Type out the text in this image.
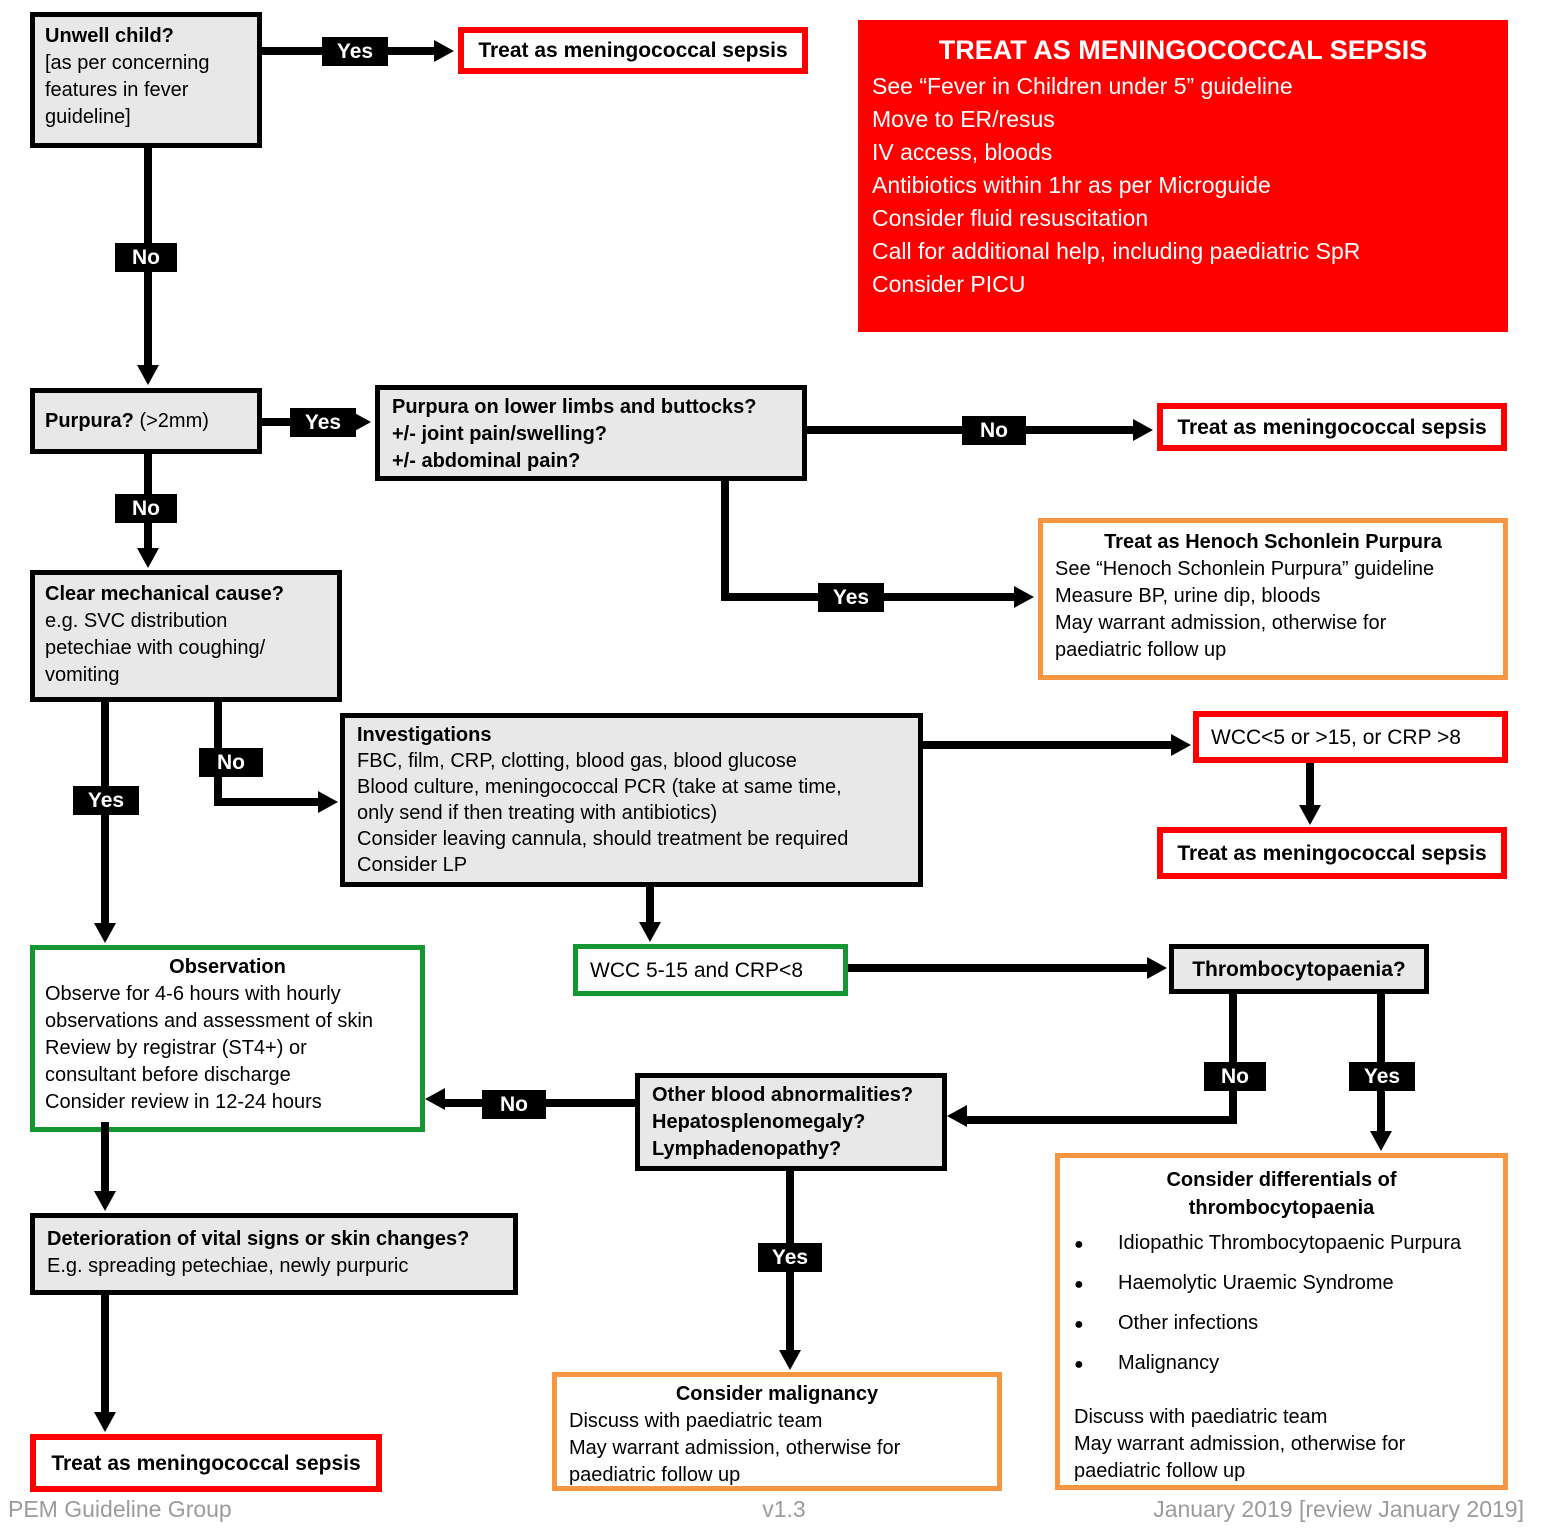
Unwell child?
[as per concerning
features in fever
guideline]
Treat as meningococcal sepsis	TREAT AS MENINGOCOCCAL SEPSIS
See “Fever in Children under 5” guideline
Move to ER/resus
IV access, bloods
Antibiotics within 1hr as per Microguide
Consider fluid resuscitation
Call for additional help, including paediatric SpR
Consider PICU
Purpura? (>2mm)
Purpura on lower limbs and buttocks?
+/- joint pain/swelling?
+/- abdominal pain?
Treat as meningococcal sepsis
Treat as Henoch Schonlein Purpura
See “Henoch Schonlein Purpura” guideline
Measure BP, urine dip, bloods
May warrant admission, otherwise for
paediatric follow up
Clear mechanical cause?
e.g. SVC distribution
petechiae with coughing/
vomiting
Investigations
FBC, film, CRP, clotting, blood gas, blood glucose
Blood culture, meningococcal PCR (take at same time,
only send if then treating with antibiotics)
Consider leaving cannula, should treatment be required
Consider LP
WCC<5 or >15, or CRP >8
Treat as meningococcal sepsis
Observation
Observe for 4-6 hours with hourly
observations and assessment of skin
Review by registrar (ST4+) or
consultant before discharge
Consider review in 12-24 hours
WCC 5-15 and CRP<8	Thrombocytopaenia?
Other blood abnormalities?
Hepatosplenomegaly?
Lymphadenopathy?
Deterioration of vital signs or skin changes?
E.g. spreading petechiae, newly purpuric
Treat as meningococcal sepsis
Consider malignancy
Discuss with paediatric team
May warrant admission, otherwise for
paediatric follow up
Consider differentials of
thrombocytopaenia
●	Idiopathic Thrombocytopaenic Purpura
●	Haemolytic Uraemic Syndrome
●	Other infections
●	Malignancy
Discuss with paediatric team
May warrant admission, otherwise for
paediatric follow up
Yes
No
Yes	No
Yes
No
Yes
No
No	Yes
No
Yes
PEM Guideline Group	v1.3	January 2019 [review January 2019]
